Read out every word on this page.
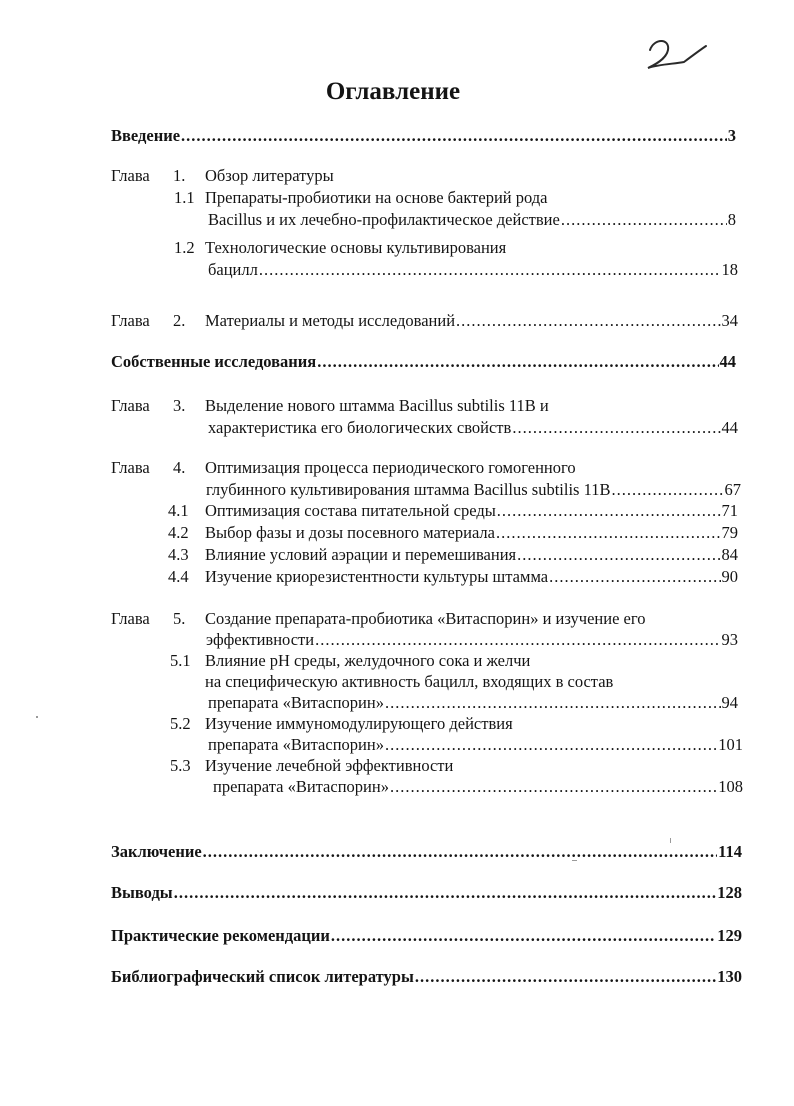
Оглавление
Введение .....	3
Глава 1. Обзор литературы
1.1 Препараты-пробиотики на основе бактерий рода
Bacillus и их лечебно-профилактическое действие .....	8
1.2 Технологические основы культивирования
бацилл .....	18
Глава 2. Материалы и методы исследований .....	34
Собственные исследования .....	44
Глава 3. Выделение нового штамма Bacillus subtilis 11B и
характеристика его биологических свойств .....	44
Глава 4. Оптимизация процесса периодического гомогенного
глубинного культивирования штамма Bacillus subtilis 11B .....	67
4.1 Оптимизация состава питательной среды .....	71
4.2 Выбор фазы и дозы посевного материала .....	79
4.3 Влияние условий аэрации и перемешивания .....	84
4.4 Изучение криорезистентности культуры штамма .....	90
Глава 5. Создание препарата-пробиотика «Витаспорин» и изучение его
эффективности .....	93
5.1 Влияние pH среды, желудочного сока и желчи
на специфическую активность бацилл, входящих в состав
препарата «Витаспорин» .....	94
5.2 Изучение иммуномодулирующего действия
препарата «Витаспорин» .....	101
5.3 Изучение лечебной эффективности
препарата «Витаспорин» .....	108
Заключение .....	114
Выводы .....	128
Практические рекомендации .....	129
Библиографический список литературы .....	130
